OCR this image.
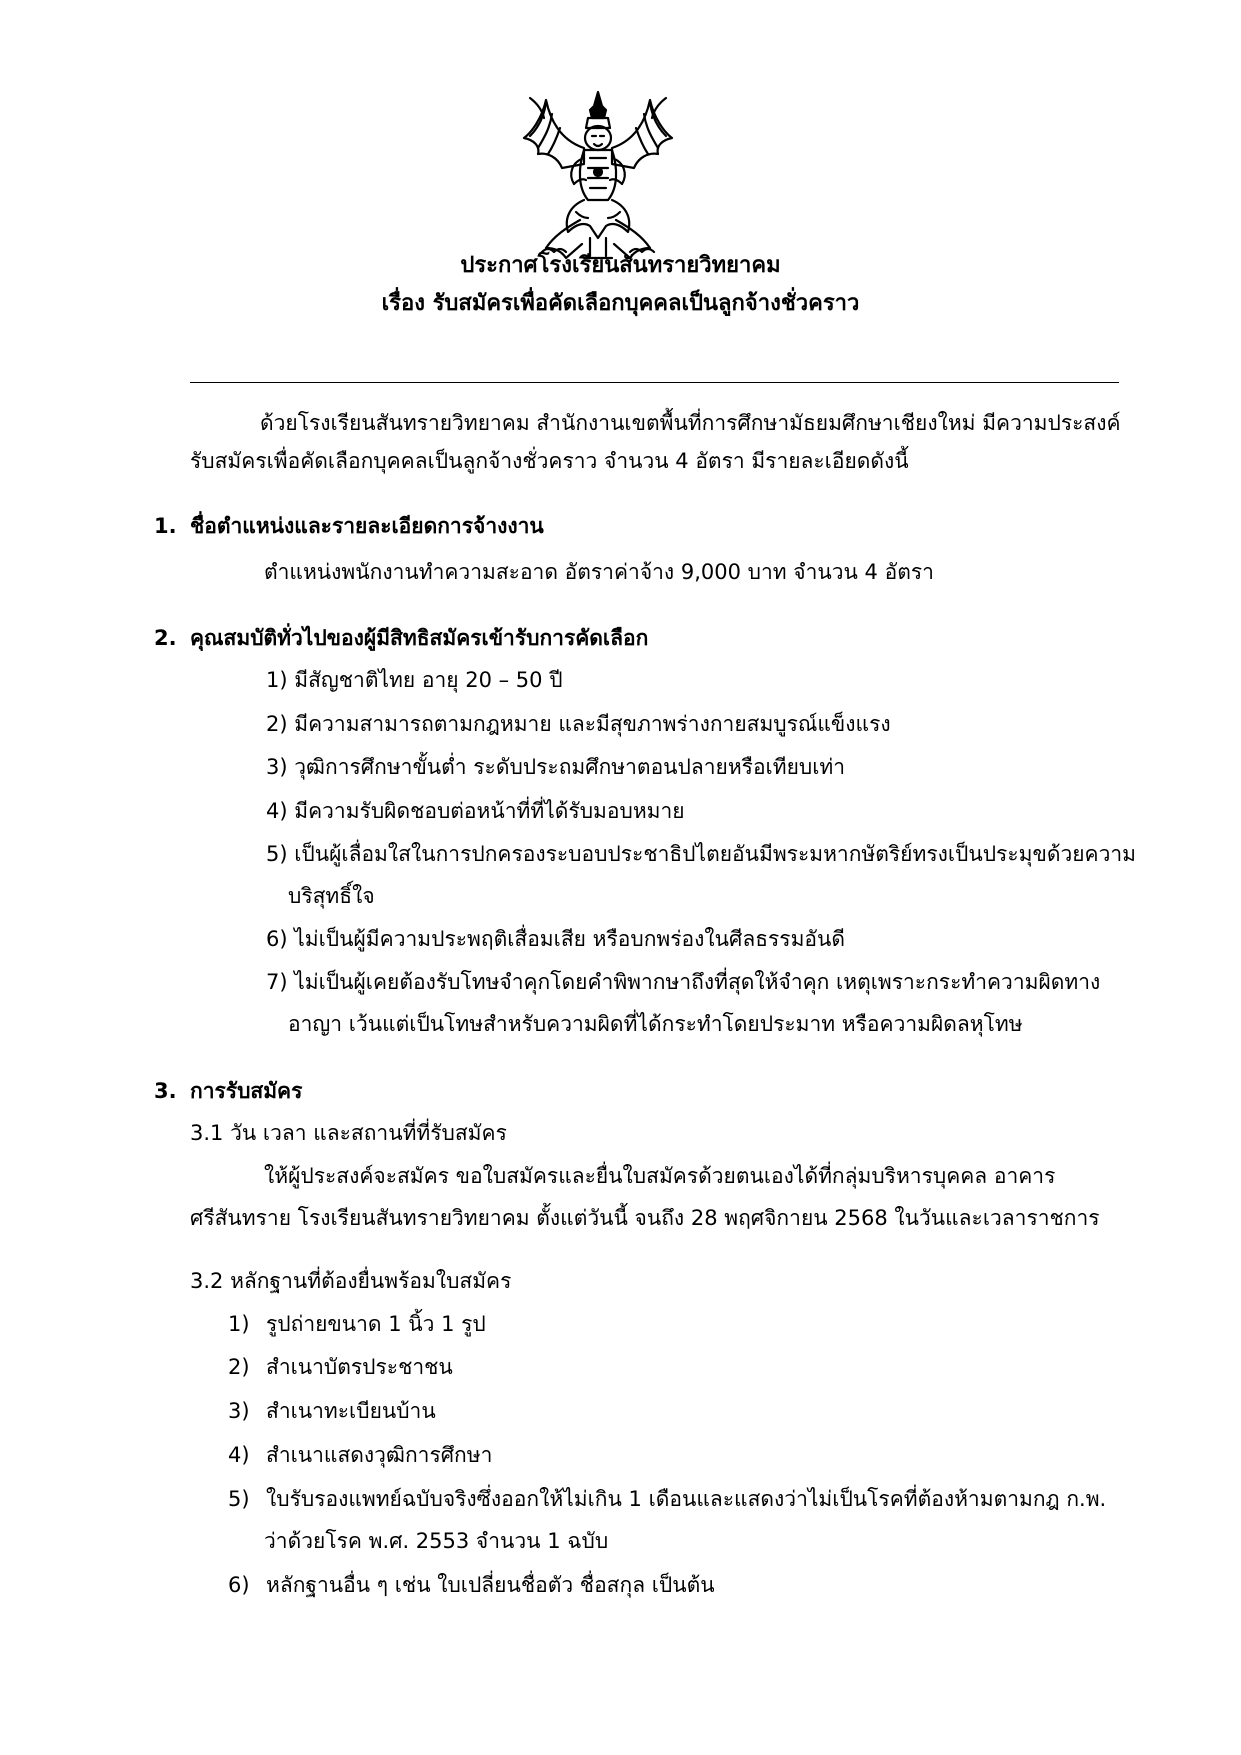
ประกาศโรงเรียนสันทรายวิทยาคม
เรื่อง รับสมัครเพื่อคัดเลือกบุคคลเป็นลูกจ้างชั่วคราว
ด้วยโรงเรียนสันทรายวิทยาคม สำนักงานเขตพื้นที่การศึกษามัธยมศึกษาเชียงใหม่ มีความประสงค์
รับสมัครเพื่อคัดเลือกบุคคลเป็นลูกจ้างชั่วคราว จำนวน 4 อัตรา มีรายละเอียดดังนี้
1. ชื่อตำแหน่งและรายละเอียดการจ้างงาน
ตำแหน่งพนักงานทำความสะอาด อัตราค่าจ้าง 9,000 บาท จำนวน 4 อัตรา
2. คุณสมบัติทั่วไปของผู้มีสิทธิสมัครเข้ารับการคัดเลือก
1) มีสัญชาติไทย อายุ 20 – 50 ปี
2) มีความสามารถตามกฎหมาย และมีสุขภาพร่างกายสมบูรณ์แข็งแรง
3) วุฒิการศึกษาขั้นต่ำ ระดับประถมศึกษาตอนปลายหรือเทียบเท่า
4) มีความรับผิดชอบต่อหน้าที่ที่ได้รับมอบหมาย
5) เป็นผู้เลื่อมใสในการปกครองระบอบประชาธิปไตยอันมีพระมหากษัตริย์ทรงเป็นประมุขด้วยความ
บริสุทธิ์ใจ
6) ไม่เป็นผู้มีความประพฤติเสื่อมเสีย หรือบกพร่องในศีลธรรมอันดี
7) ไม่เป็นผู้เคยต้องรับโทษจำคุกโดยคำพิพากษาถึงที่สุดให้จำคุก เหตุเพราะกระทำความผิดทาง
อาญา เว้นแต่เป็นโทษสำหรับความผิดที่ได้กระทำโดยประมาท หรือความผิดลหุโทษ
3. การรับสมัคร
3.1 วัน เวลา และสถานที่ที่รับสมัคร
ให้ผู้ประสงค์จะสมัคร ขอใบสมัครและยื่นใบสมัครด้วยตนเองได้ที่กลุ่มบริหารบุคคล อาคาร
ศรีสันทราย โรงเรียนสันทรายวิทยาคม ตั้งแต่วันนี้ จนถึง 28 พฤศจิกายน 2568 ในวันและเวลาราชการ
3.2 หลักฐานที่ต้องยื่นพร้อมใบสมัคร
1) รูปถ่ายขนาด 1 นิ้ว 1 รูป
2) สำเนาบัตรประชาชน
3) สำเนาทะเบียนบ้าน
4) สำเนาแสดงวุฒิการศึกษา
5) ใบรับรองแพทย์ฉบับจริงซึ่งออกให้ไม่เกิน 1 เดือนและแสดงว่าไม่เป็นโรคที่ต้องห้ามตามกฎ ก.พ.
ว่าด้วยโรค พ.ศ. 2553 จำนวน 1 ฉบับ
6) หลักฐานอื่น ๆ เช่น ใบเปลี่ยนชื่อตัว ชื่อสกุล เป็นต้น
